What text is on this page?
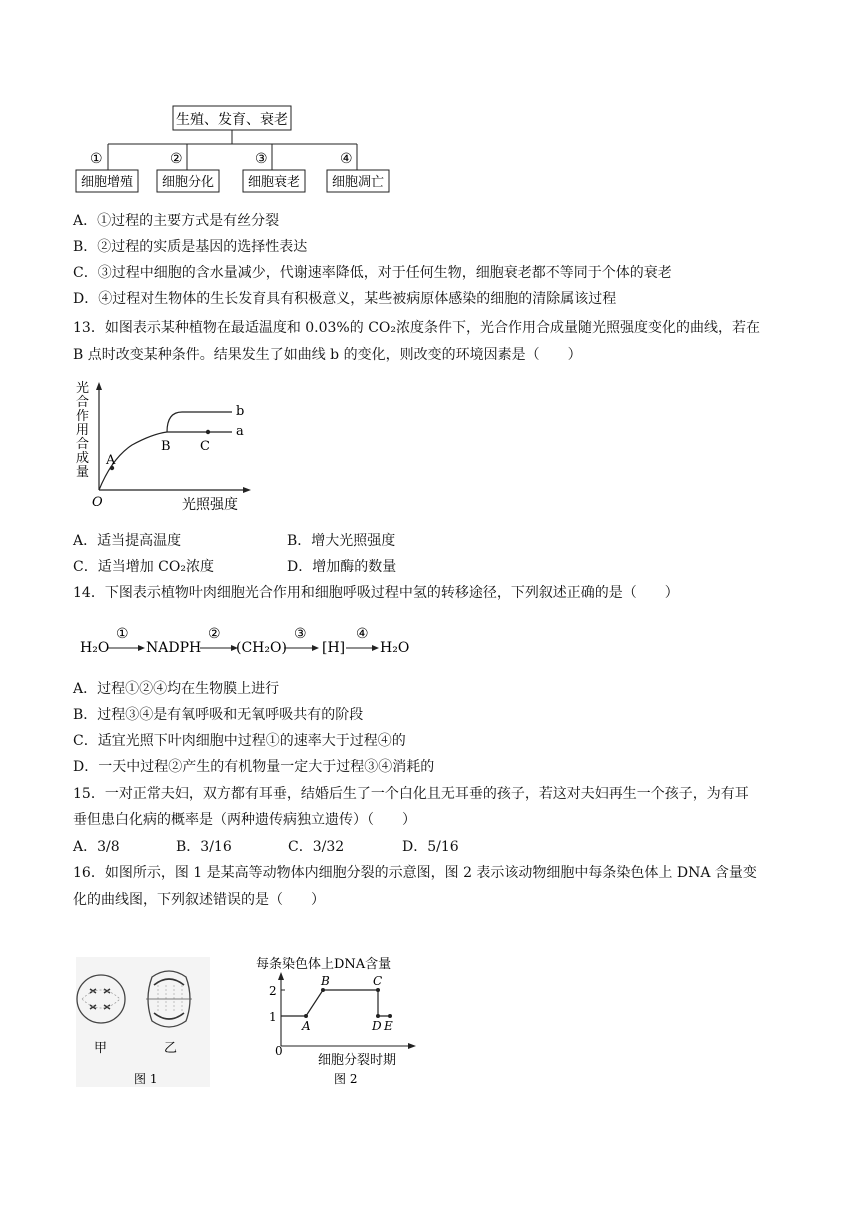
生殖、发育、衰老
①	②	③	④
细胞增殖 细胞分化	细胞衰老 细胞凋亡
A．①过程的主要方式是有丝分裂
B．②过程的实质是基因的选择性表达
C．③过程中细胞的含水量减少，代谢速率降低，对于任何生物，细胞衰老都不等同于个体的衰老
D．④过程对生物体的生长发育具有积极意义，某些被病原体感染的细胞的清除属该过程
13．如图表示某种植物在最适温度和 0.03%的 CO₂浓度条件下，光合作用合成量随光照强度变化的曲线，若在
B 点时改变某种条件。结果发生了如曲线 b 的变化，则改变的环境因素是（　　）
光合作用合成量
O	光照强度
A
B C
a
b
A．适当提高温度	B．增大光照强度
C．适当增加 CO₂浓度	D．增加酶的数量
14．下图表示植物叶肉细胞光合作用和细胞呼吸过程中氢的转移途径，下列叙述正确的是（　　）
H₂O
①
NADPH
②
(CH₂O)
③
[H]
④
H₂O
A．过程①②④均在生物膜上进行
B．过程③④是有氧呼吸和无氧呼吸共有的阶段
C．适宜光照下叶肉细胞中过程①的速率大于过程④的
D．一天中过程②产生的有机物量一定大于过程③④消耗的
15．一对正常夫妇，双方都有耳垂，结婚后生了一个白化且无耳垂的孩子，若这对夫妇再生一个孩子，为有耳
垂但患白化病的概率是（两种遗传病独立遗传）（　　）
A．3/8	B．3/16	C．3/32	D．5/16
16．如图所示，图 1 是某高等动物体内细胞分裂的示意图，图 2 表示该动物细胞中每条染色体上 DNA 含量变
化的曲线图，下列叙述错误的是（　　）
甲	乙
图 1
每条染色体上DNA含量
2
1
0
A
B	C
D E
细胞分裂时期
图 2
